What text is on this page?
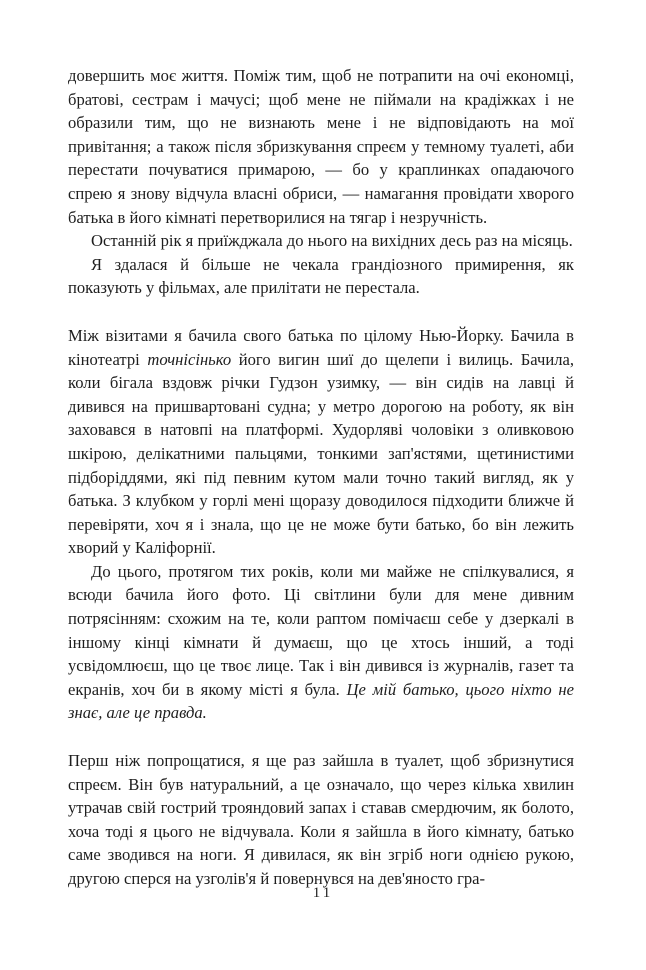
довершить моє життя. Поміж тим, щоб не потрапити на очі економці, братові, сестрам і мачусі; щоб мене не піймали на крадіжках і не образили тим, що не визнають мене і не відповідають на мої привітання; а також після збризкування спреєм у темному туалеті, аби перестати почуватися примарою, — бо у краплинках опадаючого спрею я знову відчула власні обриси, — намагання провідати хворого батька в його кімнаті перетворилися на тягар і незручність.

Останній рік я приїжджала до нього на вихідних десь раз на місяць.

Я здалася й більше не чекала грандіозного примирення, як показують у фільмах, але прилітати не перестала.

Між візитами я бачила свого батька по цілому Нью-Йорку. Бачила в кінотеатрі точнісінько його вигин шиї до щелепи і вилиць. Бачила, коли бігала вздовж річки Гудзон узимку, — він сидів на лавці й дивився на пришвартовані судна; у метро дорогою на роботу, як він заховався в натовпі на платформі. Худорляві чоловіки з оливковою шкірою, делікатними пальцями, тонкими зап'ястями, щетинистими підборіддями, які під певним кутом мали точно такий вигляд, як у батька. З клубком у горлі мені щоразу доводилося підходити ближче й перевіряти, хоч я і знала, що це не може бути батько, бо він лежить хворий у Каліфорнії.

До цього, протягом тих років, коли ми майже не спілкувалися, я всюди бачила його фото. Ці світлини були для мене дивним потрясінням: схожим на те, коли раптом помічаєш себе у дзеркалі в іншому кінці кімнати й думаєш, що це хтось інший, а тоді усвідомлюєш, що це твоє лице. Так і він дивився із журналів, газет та екранів, хоч би в якому місті я була. Це мій батько, цього ніхто не знає, але це правда.

Перш ніж попрощатися, я ще раз зайшла в туалет, щоб збризнутися спреєм. Він був натуральний, а це означало, що через кілька хвилин утрачав свій гострий трояндовий запах і ставав смердючим, як болото, хоча тоді я цього не відчувала. Коли я зайшла в його кімнату, батько саме зводився на ноги. Я дивилася, як він згріб ноги однією рукою, другою сперся на узголів'я й повернувся на дев'яносто гра-

11
